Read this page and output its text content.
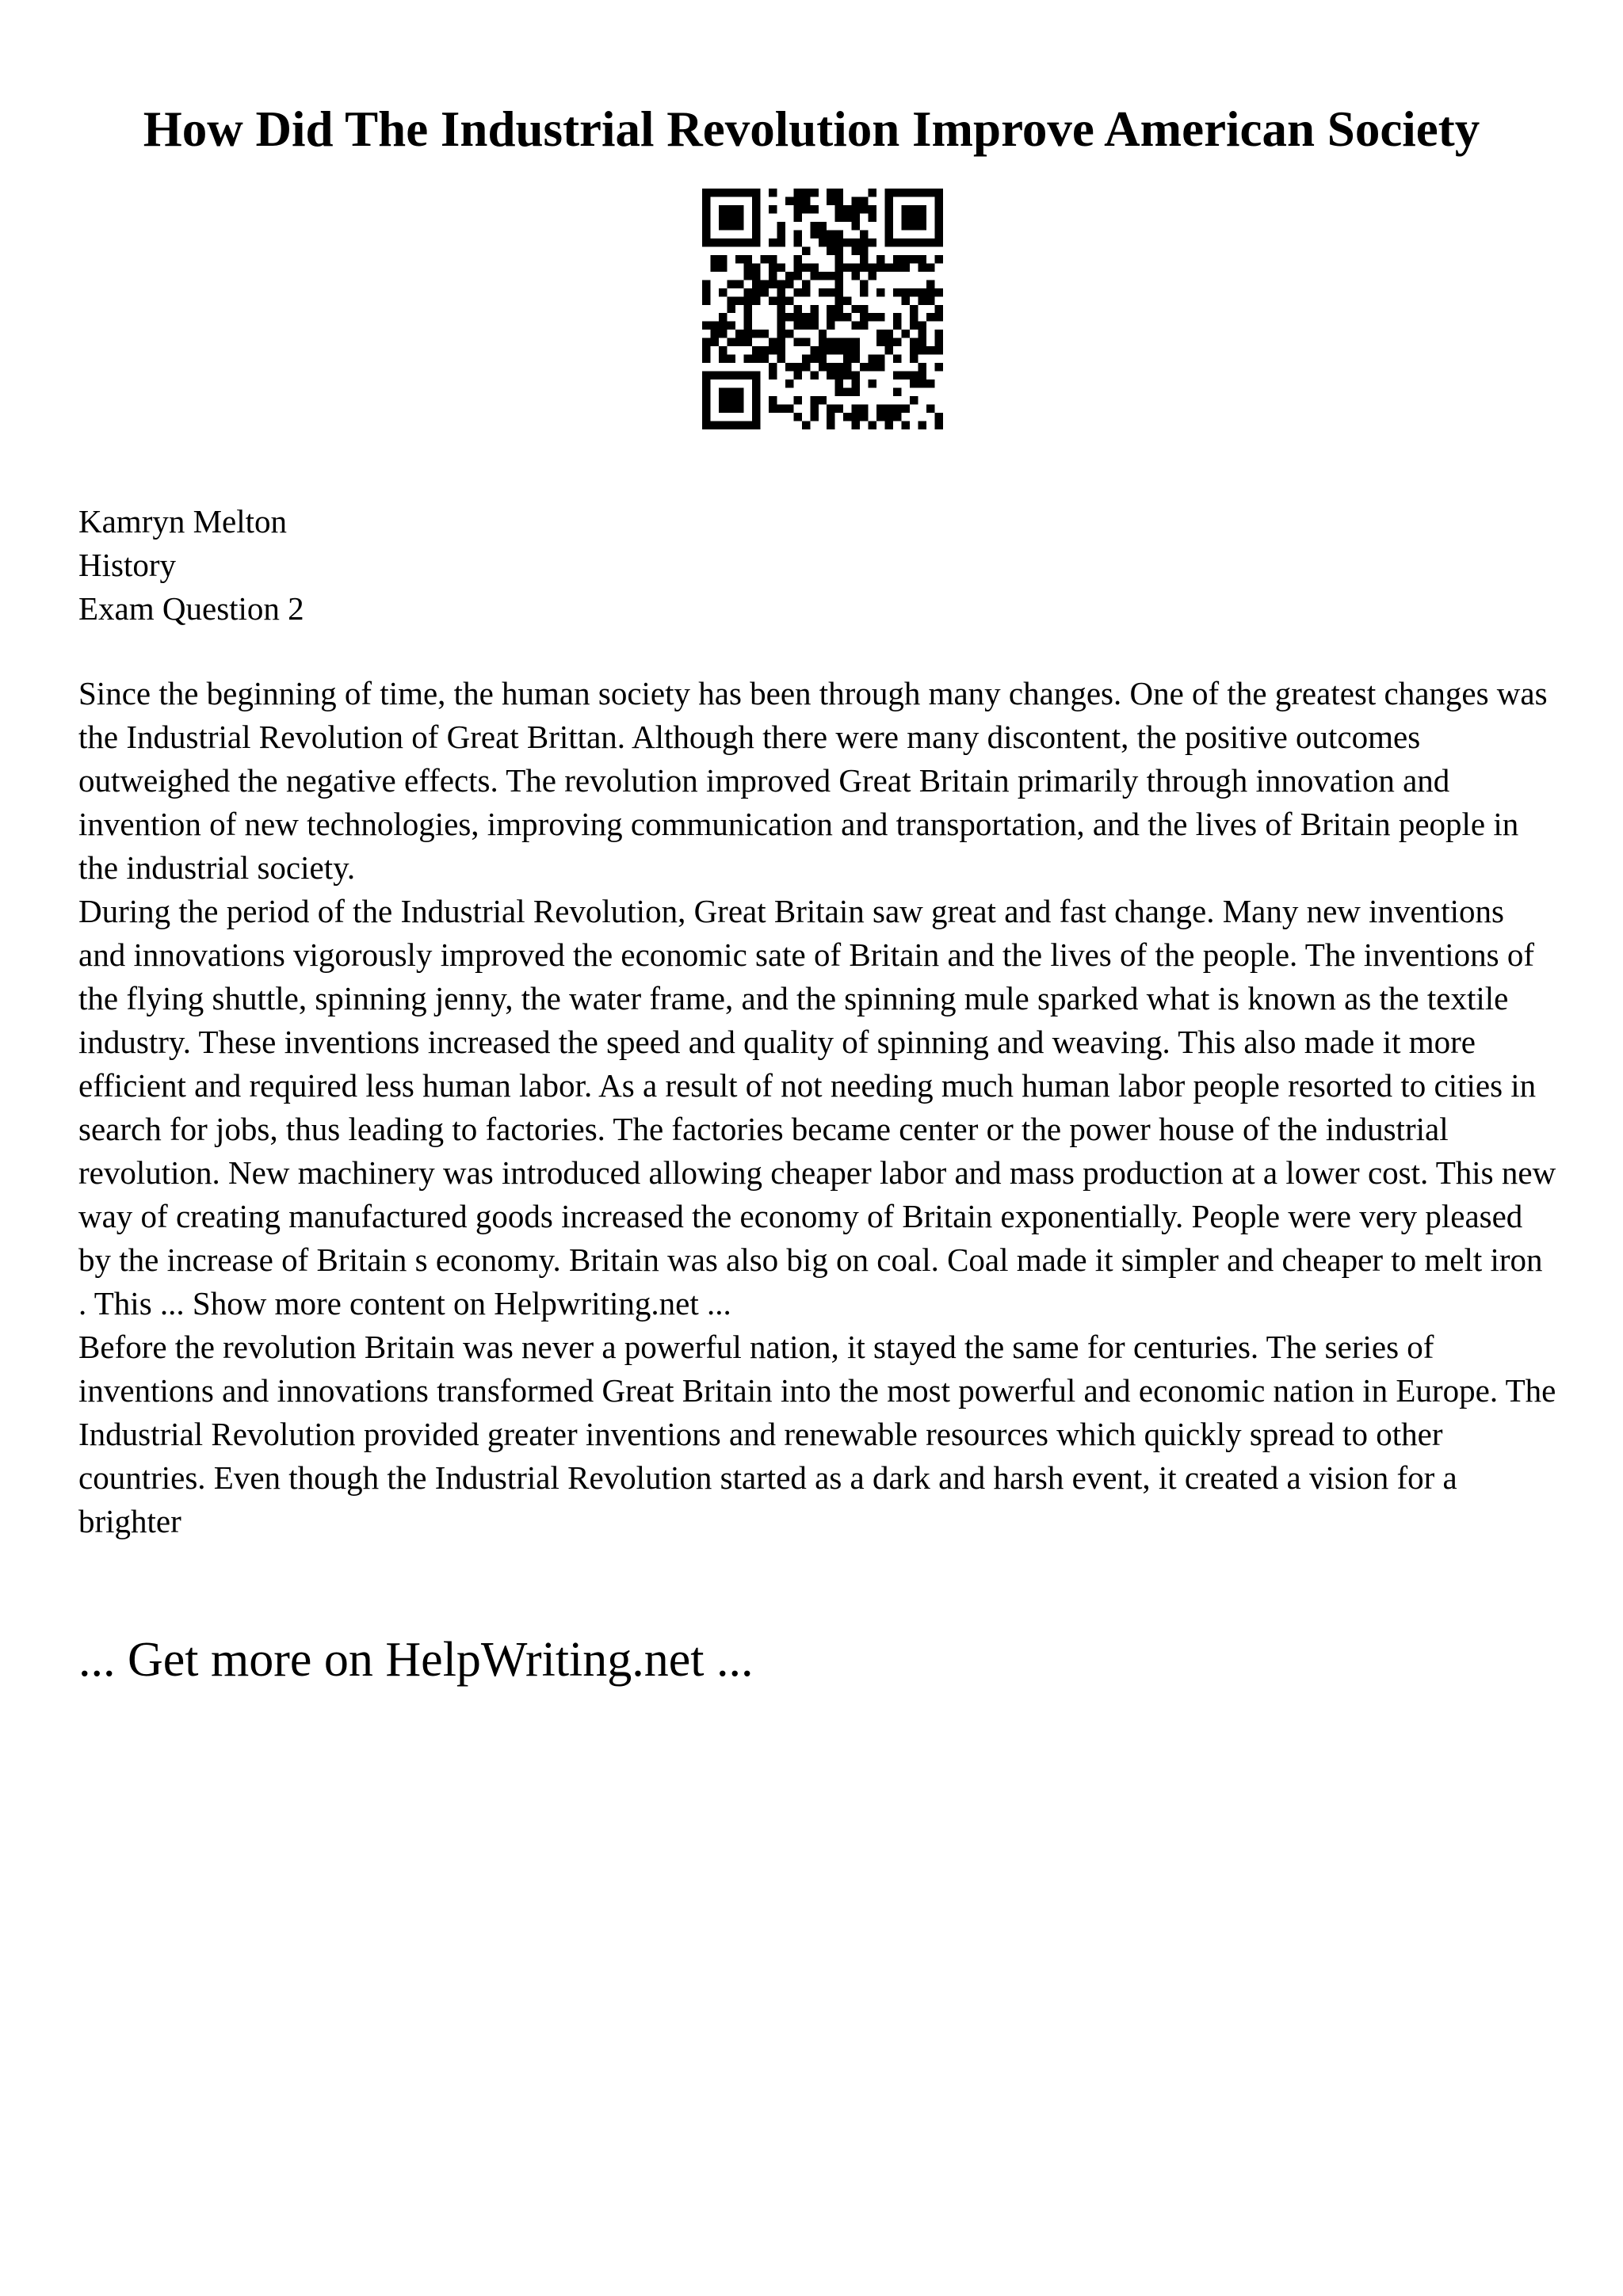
How Did The Industrial Revolution Improve American Society
Kamryn Melton
History
Exam Question 2

Since the beginning of time, the human society has been through many changes. One of the greatest changes was the Industrial Revolution of Great Brittan. Although there were many discontent, the positive outcomes outweighed the negative effects. The revolution improved Great Britain primarily through innovation and invention of new technologies, improving communication and transportation, and the lives of Britain people in the industrial society.

During the period of the Industrial Revolution, Great Britain saw great and fast change. Many new inventions and innovations vigorously improved the economic sate of Britain and the lives of the people. The inventions of the flying shuttle, spinning jenny, the water frame, and the spinning mule sparked what is known as the textile industry. These inventions increased the speed and quality of spinning and weaving. This also made it more efficient and required less human labor. As a result of not needing much human labor people resorted to cities in search for jobs, thus leading to factories. The factories became center or the power house of the industrial revolution. New machinery was introduced allowing cheaper labor and mass production at a lower cost. This new way of creating manufactured goods increased the economy of Britain exponentially. People were very pleased by the increase of Britain s economy. Britain was also big on coal. Coal made it simpler and cheaper to melt iron . This ... Show more content on Helpwriting.net ...

Before the revolution Britain was never a powerful nation, it stayed the same for centuries. The series of inventions and innovations transformed Great Britain into the most powerful and economic nation in Europe. The Industrial Revolution provided greater inventions and renewable resources which quickly spread to other countries. Even though the Industrial Revolution started as a dark and harsh event, it created a vision for a brighter

... Get more on HelpWriting.net ...
